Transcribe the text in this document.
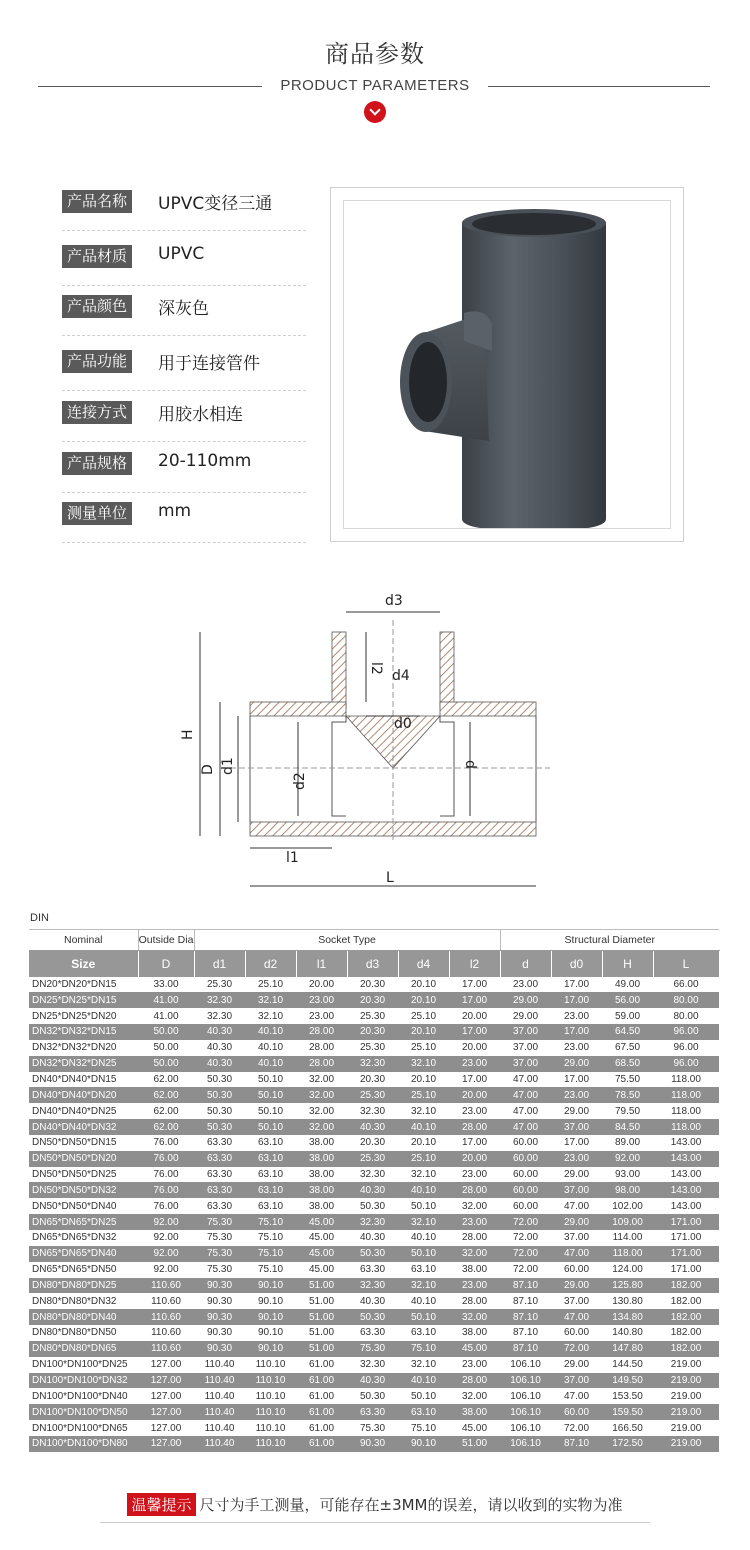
商品参数
PRODUCT PARAMETERS
产品名称 UPVC变径三通
产品材质 UPVC
产品颜色 深灰色
产品功能 用于连接管件
连接方式 用胶水相连
产品规格 20-110mm
测量单位 mm
d3
l2 d4
d0
H
D d1
d2
d
l1
L
DIN
Nominal	Outside Dia	Socket Type						Structural Diameter			
Size	D	d1	d2	l1	d3	d4	l2	d	d0	H	L
DN20*DN20*DN15	33.00	25.30	25.10	20.00	20.30	20.10	17.00	23.00	17.00	49.00	66.00
DN25*DN25*DN15	41.00	32.30	32.10	23.00	20.30	20.10	17.00	29.00	17.00	56.00	80.00
DN25*DN25*DN20	41.00	32.30	32.10	23.00	25.30	25.10	20.00	29.00	23.00	59.00	80.00
DN32*DN32*DN15	50.00	40.30	40.10	28.00	20.30	20.10	17.00	37.00	17.00	64.50	96.00
DN32*DN32*DN20	50.00	40.30	40.10	28.00	25.30	25.10	20.00	37.00	23.00	67.50	96.00
DN32*DN32*DN25	50.00	40.30	40.10	28.00	32.30	32.10	23.00	37.00	29.00	68.50	96.00
DN40*DN40*DN15	62.00	50.30	50.10	32.00	20.30	20.10	17.00	47.00	17.00	75.50	118.00
DN40*DN40*DN20	62.00	50.30	50.10	32.00	25.30	25.10	20.00	47.00	23.00	78.50	118.00
DN40*DN40*DN25	62.00	50.30	50.10	32.00	32.30	32.10	23.00	47.00	29.00	79.50	118.00
DN40*DN40*DN32	62.00	50.30	50.10	32.00	40.30	40.10	28.00	47.00	37.00	84.50	118.00
DN50*DN50*DN15	76.00	63.30	63.10	38.00	20.30	20.10	17.00	60.00	17.00	89.00	143.00
DN50*DN50*DN20	76.00	63.30	63.10	38.00	25.30	25.10	20.00	60.00	23.00	92.00	143.00
DN50*DN50*DN25	76.00	63.30	63.10	38.00	32.30	32.10	23.00	60.00	29.00	93.00	143.00
DN50*DN50*DN32	76.00	63.30	63.10	38.00	40.30	40.10	28.00	60.00	37.00	98.00	143.00
DN50*DN50*DN40	76.00	63.30	63.10	38.00	50.30	50.10	32.00	60.00	47.00	102.00	143.00
DN65*DN65*DN25	92.00	75.30	75.10	45.00	32.30	32.10	23.00	72.00	29.00	109.00	171.00
DN65*DN65*DN32	92.00	75.30	75.10	45.00	40.30	40.10	28.00	72.00	37.00	114.00	171.00
DN65*DN65*DN40	92.00	75.30	75.10	45.00	50.30	50.10	32.00	72.00	47.00	118.00	171.00
DN65*DN65*DN50	92.00	75.30	75.10	45.00	63.30	63.10	38.00	72.00	60.00	124.00	171.00
DN80*DN80*DN25	110.60	90.30	90.10	51.00	32.30	32.10	23.00	87.10	29.00	125.80	182.00
DN80*DN80*DN32	110.60	90.30	90.10	51.00	40.30	40.10	28.00	87.10	37.00	130.80	182.00
DN80*DN80*DN40	110.60	90.30	90.10	51.00	50.30	50.10	32.00	87.10	47.00	134.80	182.00
DN80*DN80*DN50	110.60	90.30	90.10	51.00	63.30	63.10	38.00	87.10	60.00	140.80	182.00
DN80*DN80*DN65	110.60	90.30	90.10	51.00	75.30	75.10	45.00	87.10	72.00	147.80	182.00
DN100*DN100*DN25	127.00	110.40	110.10	61.00	32.30	32.10	23.00	106.10	29.00	144.50	219.00
DN100*DN100*DN32	127.00	110.40	110.10	61.00	40.30	40.10	28.00	106.10	37.00	149.50	219.00
DN100*DN100*DN40	127.00	110.40	110.10	61.00	50.30	50.10	32.00	106.10	47.00	153.50	219.00
DN100*DN100*DN50	127.00	110.40	110.10	61.00	63.30	63.10	38.00	106.10	60.00	159.50	219.00
DN100*DN100*DN65	127.00	110.40	110.10	61.00	75.30	75.10	45.00	106.10	72.00	166.50	219.00
DN100*DN100*DN80	127.00	110.40	110.10	61.00	90.30	90.10	51.00	106.10	87.10	172.50	219.00
温馨提示 尺寸为手工测量，可能存在±3MM的误差，请以收到的实物为准
